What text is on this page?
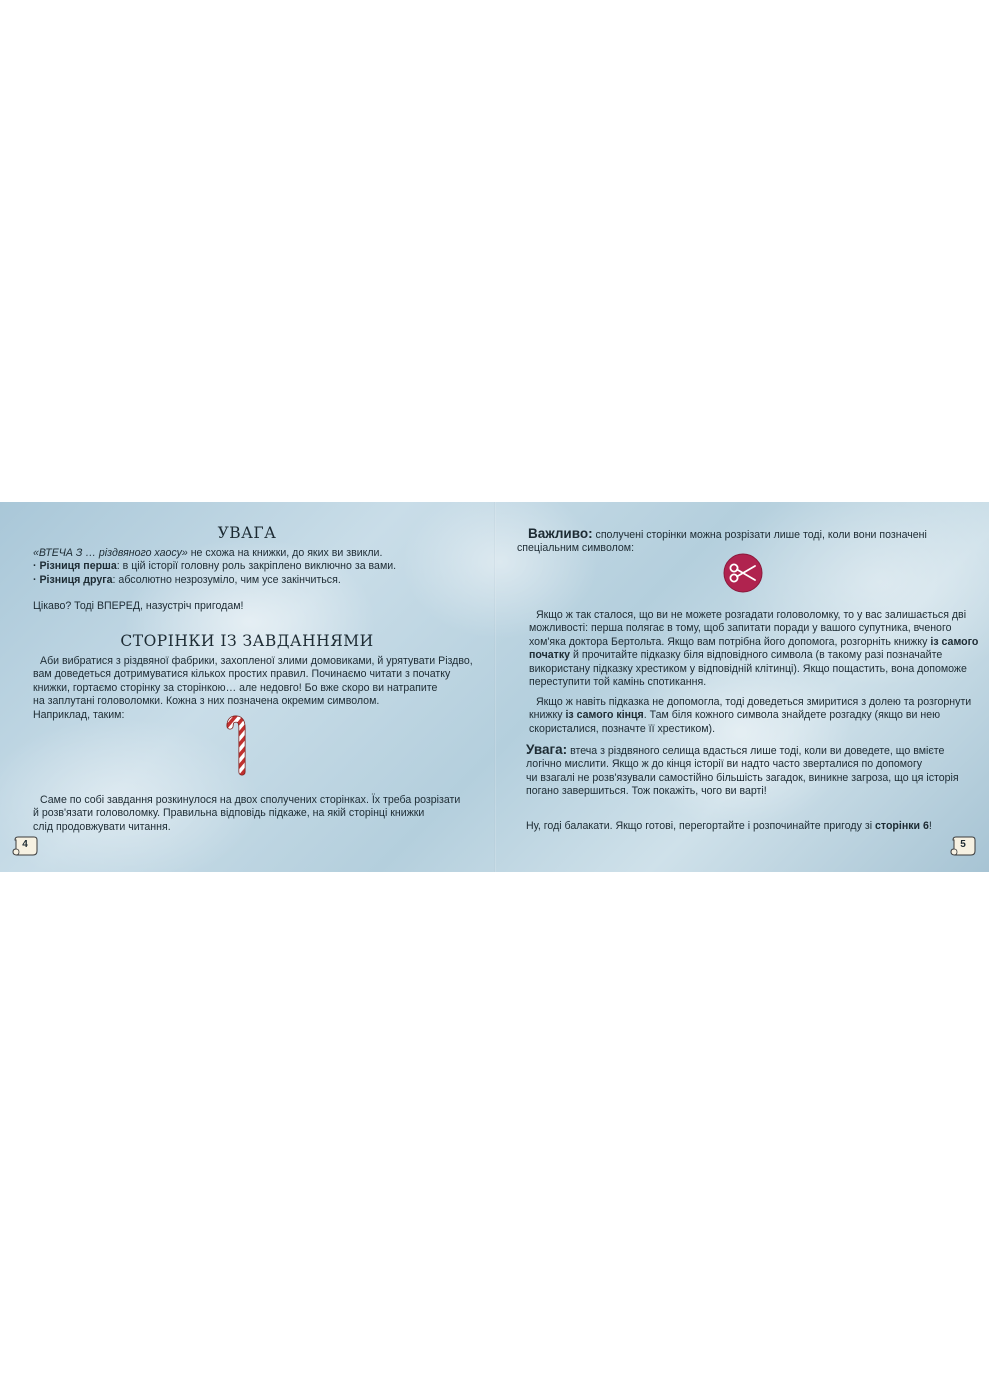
УВАГА

«ВТЕЧА З … різдвяного хаосу» не схожа на книжки, до яких ви звикли.
· Різниця перша: в цій історії головну роль закріплено виключно за вами.
· Різниця друга: абсолютно незрозуміло, чим усе закінчиться.

Цікаво? Тоді ВПЕРЕД, назустріч пригодам!

СТОРІНКИ ІЗ ЗАВДАННЯМИ

Аби вибратися з різдвяної фабрики, захопленої злими домовиками, й урятувати Різдво,
вам доведеться дотримуватися кількох простих правил. Починаємо читати з початку
книжки, гортаємо сторінку за сторінкою… але недовго! Бо вже скоро ви натрапите
на заплутані головоломки. Кожна з них позначена окремим символом.
Наприклад, таким:

Саме по собі завдання розкинулося на двох сполучених сторінках. Їх треба розрізати
й розв'язати головоломку. Правильна відповідь підкаже, на якій сторінці книжки
слід продовжувати читання.

4

Важливо: сполучені сторінки можна розрізати лише тоді, коли вони позначені
спеціальним символом:

Якщо ж так сталося, що ви не можете розгадати головоломку, то у вас залишається дві
можливості: перша полягає в тому, щоб запитати поради у вашого супутника, вченого
хом'яка доктора Бертольта. Якщо вам потрібна його допомога, розгорніть книжку із самого
початку й прочитайте підказку біля відповідного символа (в такому разі позначайте
використану підказку хрестиком у відповідній клітинці). Якщо пощастить, вона допоможе
переступити той камінь спотикання.

Якщо ж навіть підказка не допомогла, тоді доведеться змиритися з долею та розгорнути
книжку із самого кінця. Там біля кожного символа знайдете розгадку (якщо ви нею
скористалися, позначте її хрестиком).

Увага: втеча з різдвяного селища вдасться лише тоді, коли ви доведете, що вмієте
логічно мислити. Якщо ж до кінця історії ви надто часто зверталися по допомогу
чи взагалі не розв'язували самостійно більшість загадок, виникне загроза, що ця історія
погано завершиться. Тож покажіть, чого ви варті!

Ну, годі балакати. Якщо готові, перегортайте і розпочинайте пригоду зі сторінки 6!

5
